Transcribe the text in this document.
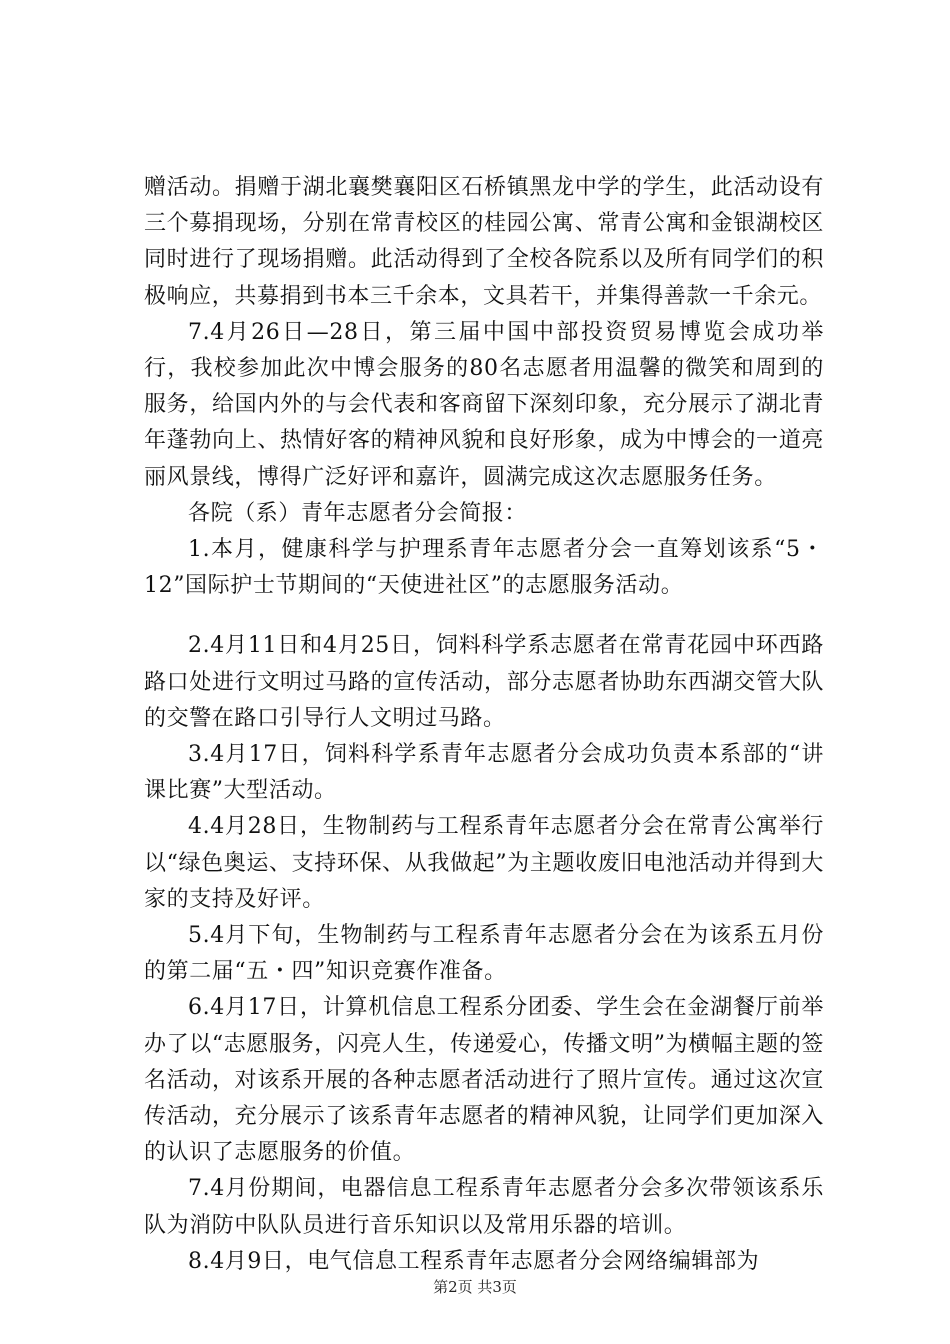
赠活动。捐赠于湖北襄樊襄阳区石桥镇黑龙中学的学生，此活动设有三个募捐现场，分别在常青校区的桂园公寓、常青公寓和金银湖校区同时进行了现场捐赠。此活动得到了全校各院系以及所有同学们的积极响应，共募捐到书本三千余本，文具若干，并集得善款一千余元。

7.4月26日—28日，第三届中国中部投资贸易博览会成功举行，我校参加此次中博会服务的80名志愿者用温馨的微笑和周到的服务，给国内外的与会代表和客商留下深刻印象，充分展示了湖北青年蓬勃向上、热情好客的精神风貌和良好形象，成为中博会的一道亮丽风景线，博得广泛好评和嘉许，圆满完成这次志愿服务任务。

各院（系）青年志愿者分会简报：

1.本月，健康科学与护理系青年志愿者分会一直筹划该系“5・12”国际护士节期间的“天使进社区”的志愿服务活动。

2.4月11日和4月25日，饲料科学系志愿者在常青花园中环西路路口处进行文明过马路的宣传活动，部分志愿者协助东西湖交管大队的交警在路口引导行人文明过马路。

3.4月17日，饲料科学系青年志愿者分会成功负责本系部的“讲课比赛”大型活动。

4.4月28日，生物制药与工程系青年志愿者分会在常青公寓举行以“绿色奥运、支持环保、从我做起”为主题收废旧电池活动并得到大家的支持及好评。

5.4月下旬，生物制药与工程系青年志愿者分会在为该系五月份的第二届“五・四”知识竞赛作准备。

6.4月17日，计算机信息工程系分团委、学生会在金湖餐厅前举办了以“志愿服务，闪亮人生，传递爱心，传播文明”为横幅主题的签名活动，对该系开展的各种志愿者活动进行了照片宣传。通过这次宣传活动，充分展示了该系青年志愿者的精神风貌，让同学们更加深入的认识了志愿服务的价值。

7.4月份期间，电器信息工程系青年志愿者分会多次带领该系乐队为消防中队队员进行音乐知识以及常用乐器的培训。

8.4月9日，电气信息工程系青年志愿者分会网络编辑部为

第2页 共3页
